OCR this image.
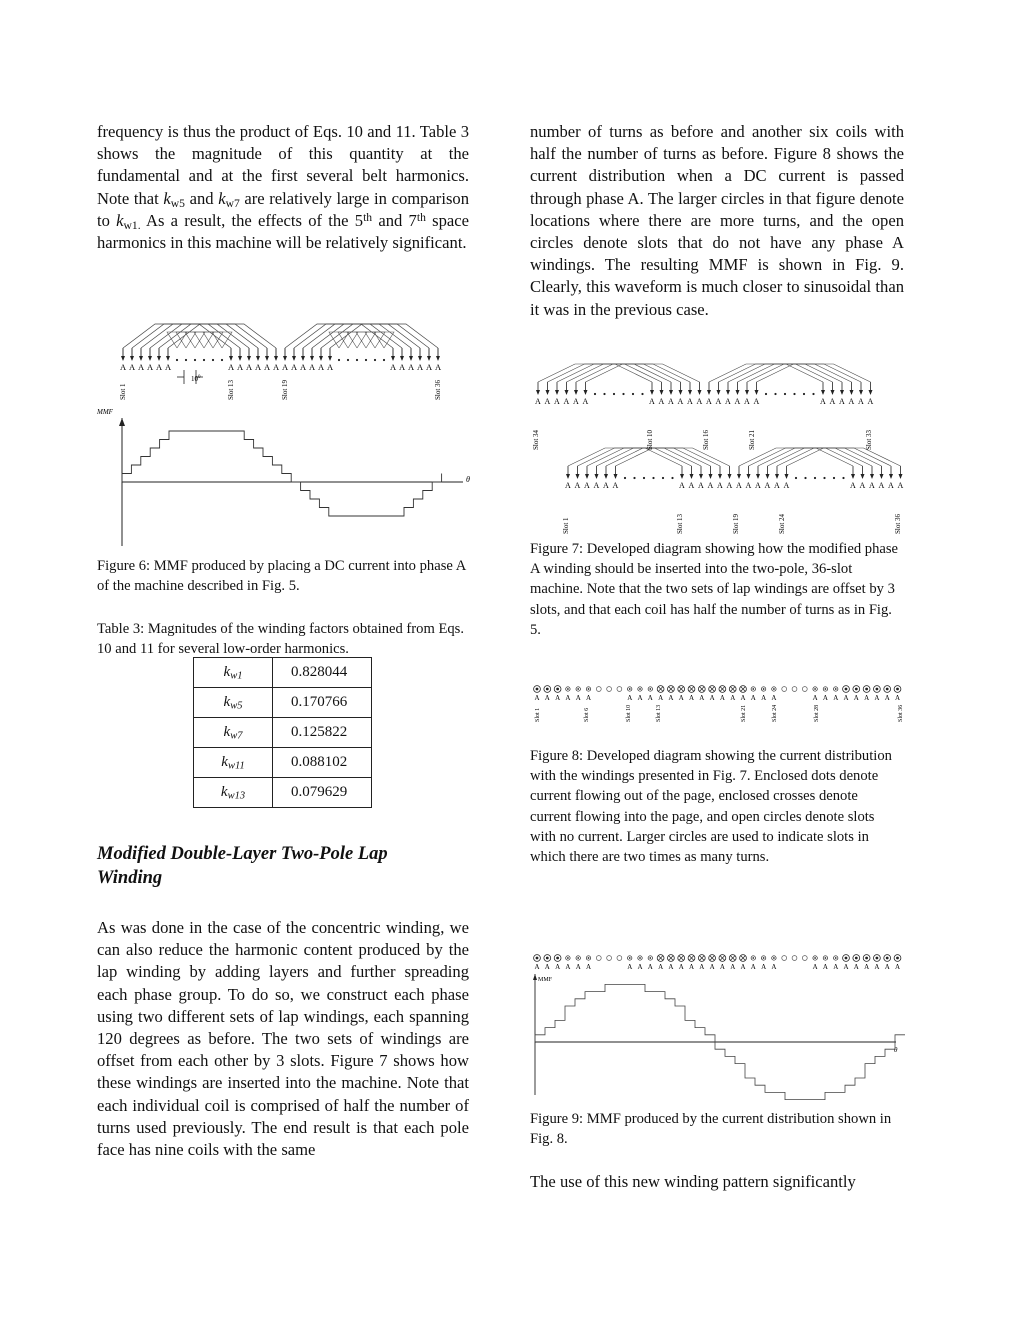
frequency is thus the product of Eqs. 10 and 11. Table 3 shows the magnitude of this quantity at the fundamental and at the first several belt harmonics. Note that $k_{w5}$ and $k_{w7}$ are relatively large in comparison to $k_{w1.}$ As a result, the effects of the 5th and 7th space harmonics in this machine will be relatively significant.

A A A A A A	A A A A A A A A A A A A	A A A A A A
$10^0$
Slot 1	Slot 13	Slot 19	Slot 36
MMF
θ
Figure 6: MMF produced by placing a DC current into phase A of the machine described in Fig. 5.
Table 3: Magnitudes of the winding factors obtained from Eqs. 10 and 11 for several low-order harmonics.
$k_{w1}$	0.828044
$k_{w5}$	0.170766
$k_{w7}$	0.125822
$k_{w11}$	0.088102
$k_{w13}$	0.079629
Modified Double-Layer Two-Pole Lap Winding

As was done in the case of the concentric winding, we can also reduce the harmonic content produced by the lap winding by adding layers and further spreading each phase group. To do so, we construct each phase using two different sets of lap windings, each spanning 120 degrees as before. The two sets of windings are offset from each other by 3 slots. Figure 7 shows how these windings are inserted into the machine. Note that each individual coil is comprised of half the number of turns used previously. The end result is that each pole face has nine coils with the same

number of turns as before and another six coils with half the number of turns as before. Figure 8 shows the current distribution when a DC current is passed through phase A. The larger circles in that figure denote locations where there are more turns, and the open circles denote slots that do not have any phase A windings. The resulting MMF is shown in Fig. 9. Clearly, this waveform is much closer to sinusoidal than it was in the previous case.

A A A A A A	A A A A A A A A A A A A	A A A A A A
A A A A A A	A A A A A A A A A A A A	A A A A A A
Slot 34	Slot 10	Slot 16	Slot 21	Slot 33
Slot 1	Slot 13	Slot 19	Slot 24	Slot 36
Figure 7: Developed diagram showing how the modified phase A winding should be inserted into the two-pole, 36-slot machine. Note that the two sets of lap windings are offset by 3 slots, and that each coil has half the number of turns as in Fig. 5.
A A A A A A	A A A A A A A A A A A A A A A	A A A A A A A A A
Slot 1	Slot 6	Slot 10	Slot 13	Slot 21	Slot 24	Slot 28	Slot 36
Figure 8: Developed diagram showing the current distribution with the windings presented in Fig. 7. Enclosed dots denote current flowing out of the page, enclosed crosses denote current flowing into the page, and open circles denote slots with no current. Larger circles are used to indicate slots in which there are two times as many turns.
A A A A A A	A A A A A A A A A A A A A A A	A A A A A A A A A
MMF
θ
Figure 9: MMF produced by the current distribution shown in Fig. 8.

The use of this new winding pattern significantly
